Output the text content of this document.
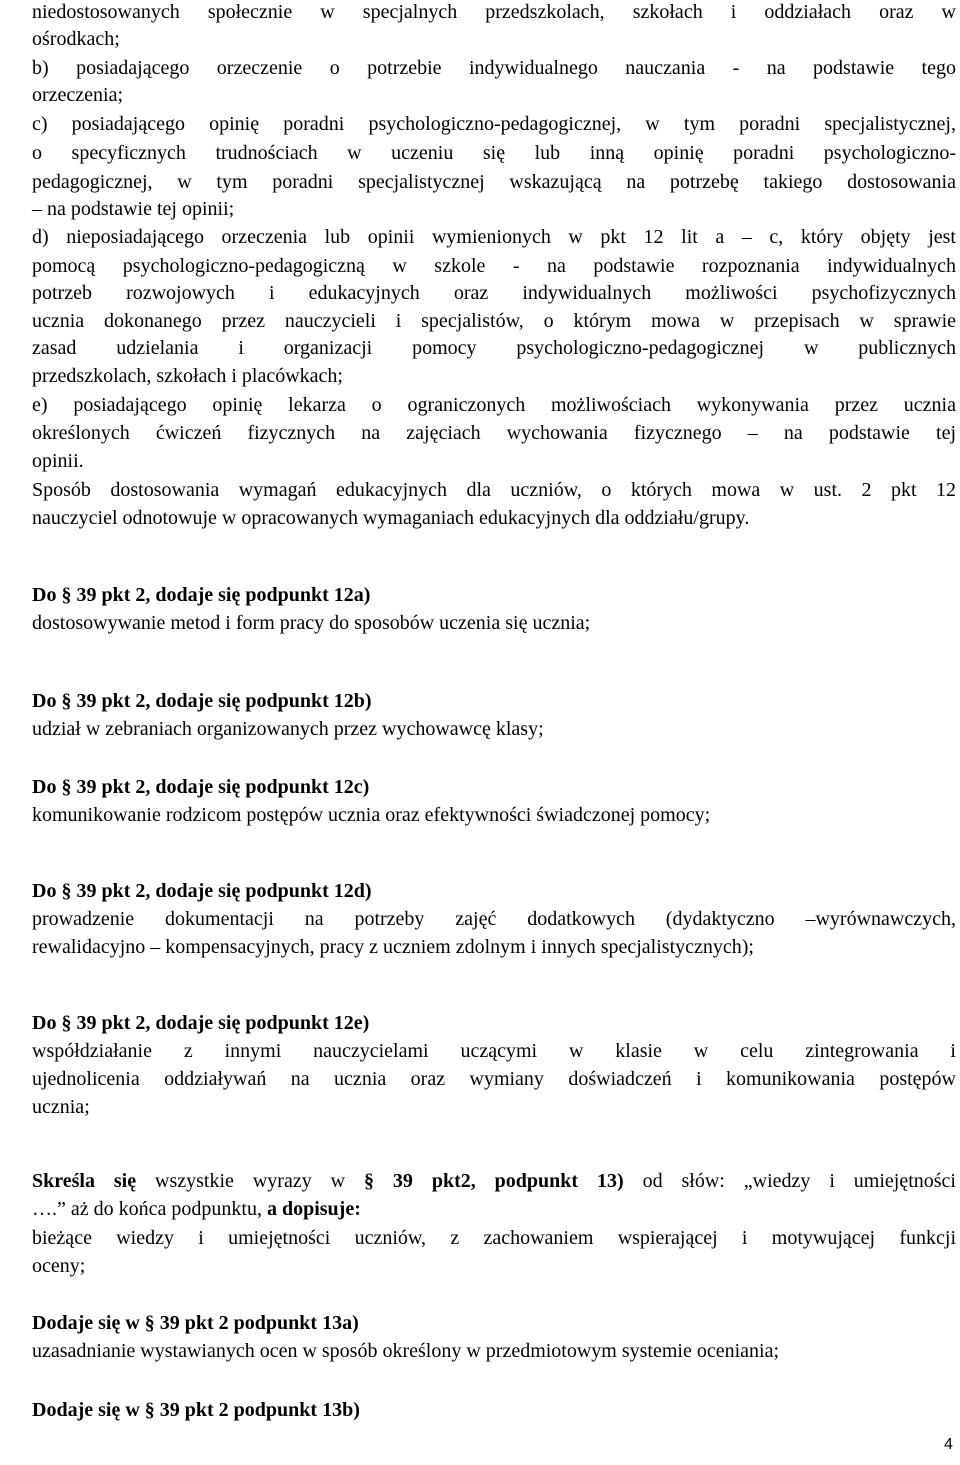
niedostosowanych społecznie w specjalnych przedszkolach, szkołach i oddziałach oraz w
ośrodkach;
b) posiadającego orzeczenie o potrzebie indywidualnego nauczania - na podstawie tego
orzeczenia;
c) posiadającego opinię poradni psychologiczno-pedagogicznej, w tym poradni specjalistycznej,
o specyficznych trudnościach w uczeniu się lub inną opinię poradni psychologiczno-
pedagogicznej, w tym poradni specjalistycznej wskazującą na potrzebę takiego dostosowania
– na podstawie tej opinii;
d) nieposiadającego orzeczenia lub opinii wymienionych w pkt 12 lit a – c, który objęty jest
pomocą psychologiczno-pedagogiczną w szkole - na podstawie rozpoznania indywidualnych
potrzeb rozwojowych i edukacyjnych oraz indywidualnych możliwości psychofizycznych
ucznia dokonanego przez nauczycieli i specjalistów, o którym mowa w przepisach w sprawie
zasad udzielania i organizacji pomocy psychologiczno-pedagogicznej w publicznych
przedszkolach, szkołach i placówkach;
e) posiadającego opinię lekarza o ograniczonych możliwościach wykonywania przez ucznia
określonych ćwiczeń fizycznych na zajęciach wychowania fizycznego – na podstawie tej
opinii.
Sposób dostosowania wymagań edukacyjnych dla uczniów, o których mowa w ust. 2 pkt 12
nauczyciel odnotowuje w opracowanych wymaganiach edukacyjnych dla oddziału/grupy.
Do § 39 pkt 2, dodaje się podpunkt 12a)
dostosowywanie metod i form pracy do sposobów uczenia się ucznia;
Do § 39 pkt 2, dodaje się podpunkt 12b)
udział w zebraniach organizowanych przez wychowawcę klasy;
Do § 39 pkt 2, dodaje się podpunkt 12c)
komunikowanie rodzicom postępów ucznia oraz efektywności świadczonej pomocy;
Do § 39 pkt 2, dodaje się podpunkt 12d)
prowadzenie dokumentacji na potrzeby zajęć dodatkowych (dydaktyczno –wyrównawczych,
rewalidacyjno – kompensacyjnych, pracy z uczniem zdolnym i innych specjalistycznych);
Do § 39 pkt 2, dodaje się podpunkt 12e)
współdziałanie z innymi nauczycielami uczącymi w klasie w celu zintegrowania i
ujednolicenia oddziaływań na ucznia oraz wymiany doświadczeń i komunikowania postępów
ucznia;
Skreśla się wszystkie wyrazy w § 39 pkt2, podpunkt 13) od słów: „wiedzy i umiejętności
….” aż do końca podpunktu, a dopisuje:
bieżące wiedzy i umiejętności uczniów, z zachowaniem wspierającej i motywującej funkcji
oceny;
Dodaje się w § 39 pkt 2 podpunkt 13a)
uzasadnianie wystawianych ocen w sposób określony w przedmiotowym systemie oceniania;
Dodaje się w § 39 pkt 2 podpunkt 13b)
4
